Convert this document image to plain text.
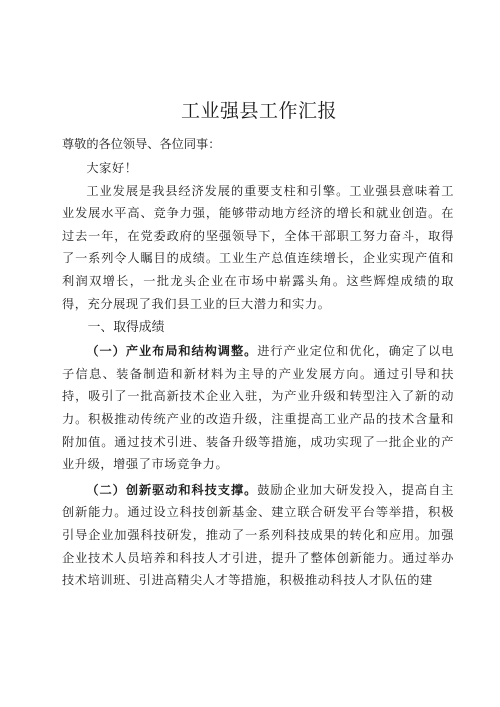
工业强县工作汇报

尊敬的各位领导、各位同事：

大家好！

工业发展是我县经济发展的重要支柱和引擎。工业强县意味着工业发展水平高、竞争力强，能够带动地方经济的增长和就业创造。在过去一年，在党委政府的坚强领导下，全体干部职工努力奋斗，取得了一系列令人瞩目的成绩。工业生产总值连续增长，企业实现产值和利润双增长，一批龙头企业在市场中崭露头角。这些辉煌成绩的取得，充分展现了我们县工业的巨大潜力和实力。

一、取得成绩

（一）产业布局和结构调整。进行产业定位和优化，确定了以电子信息、装备制造和新材料为主导的产业发展方向。通过引导和扶持，吸引了一批高新技术企业入驻，为产业升级和转型注入了新的动力。积极推动传统产业的改造升级，注重提高工业产品的技术含量和附加值。通过技术引进、装备升级等措施，成功实现了一批企业的产业升级，增强了市场竞争力。

（二）创新驱动和科技支撑。鼓励企业加大研发投入，提高自主创新能力。通过设立科技创新基金、建立联合研发平台等举措，积极引导企业加强科技研发，推动了一系列科技成果的转化和应用。加强企业技术人员培养和科技人才引进，提升了整体创新能力。通过举办技术培训班、引进高精尖人才等措施，积极推动科技人才队伍的建
